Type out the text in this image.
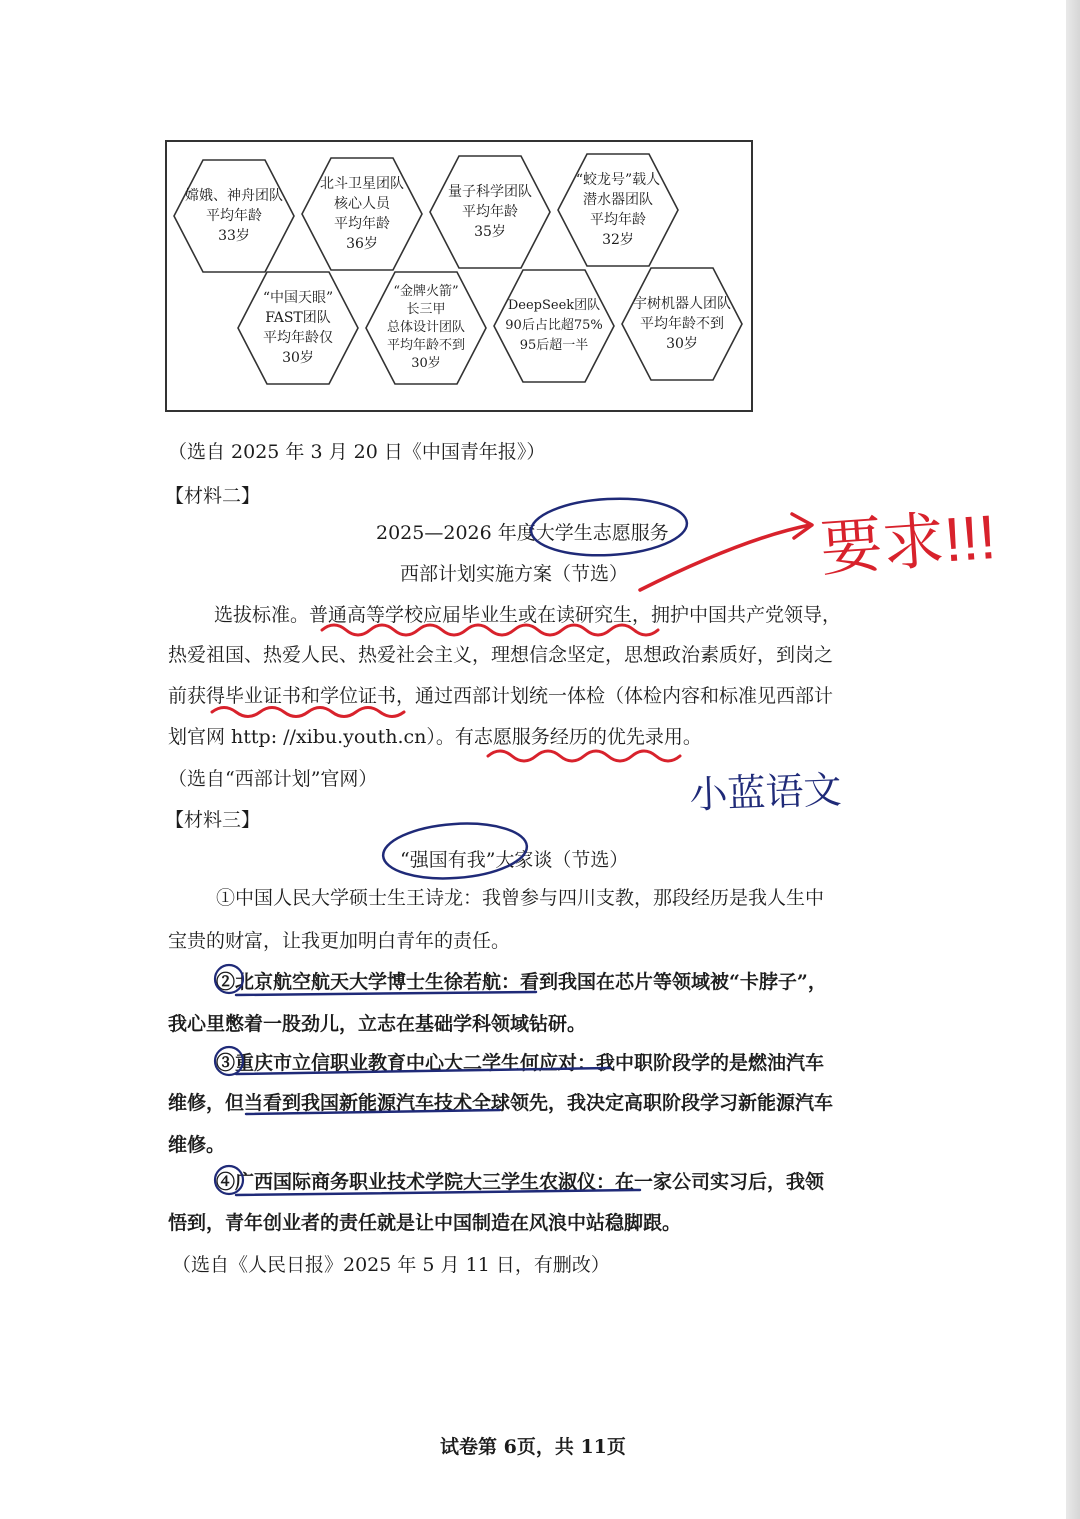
嫦娥、神舟团队
平均年龄
33岁
北斗卫星团队
核心人员
平均年龄
36岁
量子科学团队
平均年龄
35岁
“蛟龙号”载人
潜水器团队
平均年龄
32岁
“中国天眼”
FAST团队
平均年龄仅
30岁
“金牌火箭”
长三甲
总体设计团队
平均年龄不到
30岁
DeepSeek团队
90后占比超75%
95后超一半
宇树机器人团队
平均年龄不到
30岁
（选自 2025 年 3 月 20 日《中国青年报》）
【材料二】
2025—2026 年度大学生志愿服务
西部计划实施方案（节选）
选拔标准。普通高等学校应届毕业生或在读研究生，拥护中国共产党领导，
热爱祖国、热爱人民、热爱社会主义，理想信念坚定，思想政治素质好，到岗之
前获得毕业证书和学位证书，通过西部计划统一体检（体检内容和标准见西部计
划官网 http: //xibu.youth.cn）。有志愿服务经历的优先录用。
（选自“西部计划”官网）
【材料三】
“强国有我”大家谈（节选）
①中国人民大学硕士生王诗龙：我曾参与四川支教，那段经历是我人生中
宝贵的财富，让我更加明白青年的责任。
②北京航空航天大学博士生徐若航：看到我国在芯片等领域被“卡脖子”，
我心里憋着一股劲儿，立志在基础学科领域钻研。
③重庆市立信职业教育中心大二学生何应对：我中职阶段学的是燃油汽车
维修，但当看到我国新能源汽车技术全球领先，我决定高职阶段学习新能源汽车
维修。
④广西国际商务职业技术学院大三学生农淑仪：在一家公司实习后，我领
悟到，青年创业者的责任就是让中国制造在风浪中站稳脚跟。
（选自《人民日报》2025 年 5 月 11 日，有删改）
试卷第 6页，共 11页
要求!!!
小蓝语文
